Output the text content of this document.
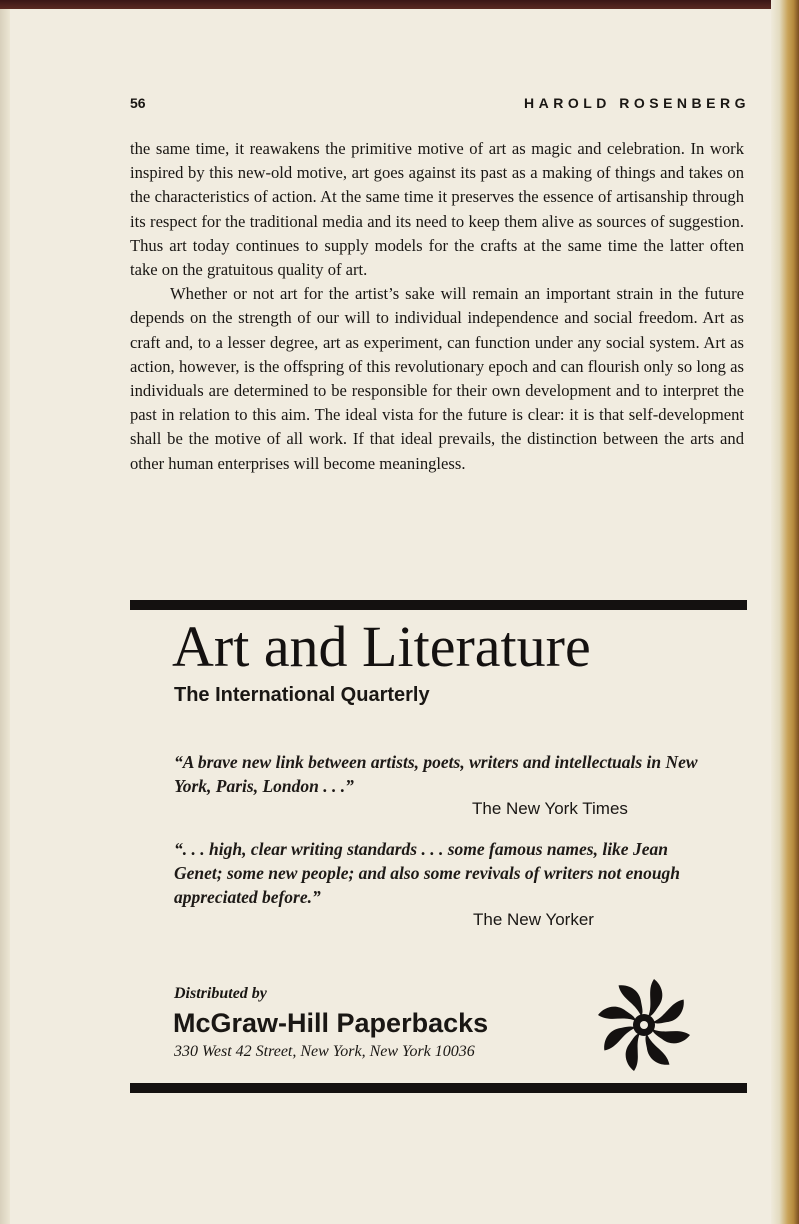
56	HAROLD ROSENBERG

the same time, it reawakens the primitive motive of art as magic and celebration. In work inspired by this new-old motive, art goes against its past as a making of things and takes on the characteristics of action. At the same time it preserves the essence of artisanship through its respect for the traditional media and its need to keep them alive as sources of suggestion. Thus art today continues to supply models for the crafts at the same time the latter often take on the gratuitous quality of art.

Whether or not art for the artist’s sake will remain an important strain in the future depends on the strength of our will to individual independence and social freedom. Art as craft and, to a lesser degree, art as experiment, can function under any social system. Art as action, however, is the offspring of this revolutionary epoch and can flourish only so long as individuals are determined to be responsible for their own development and to interpret the past in relation to this aim. The ideal vista for the future is clear: it is that self-development shall be the motive of all work. If that ideal prevails, the distinction between the arts and other human enterprises will become meaningless.

Art and Literature
The International Quarterly
“A brave new link between artists, poets, writers and intellectuals in New York, Paris, London . . .”
The New York Times
“. . . high, clear writing standards . . . some famous names, like Jean Genet; some new people; and also some revivals of writers not enough appreciated before.”
The New Yorker
Distributed by
McGraw-Hill Paperbacks
330 West 42 Street, New York, New York 10036
